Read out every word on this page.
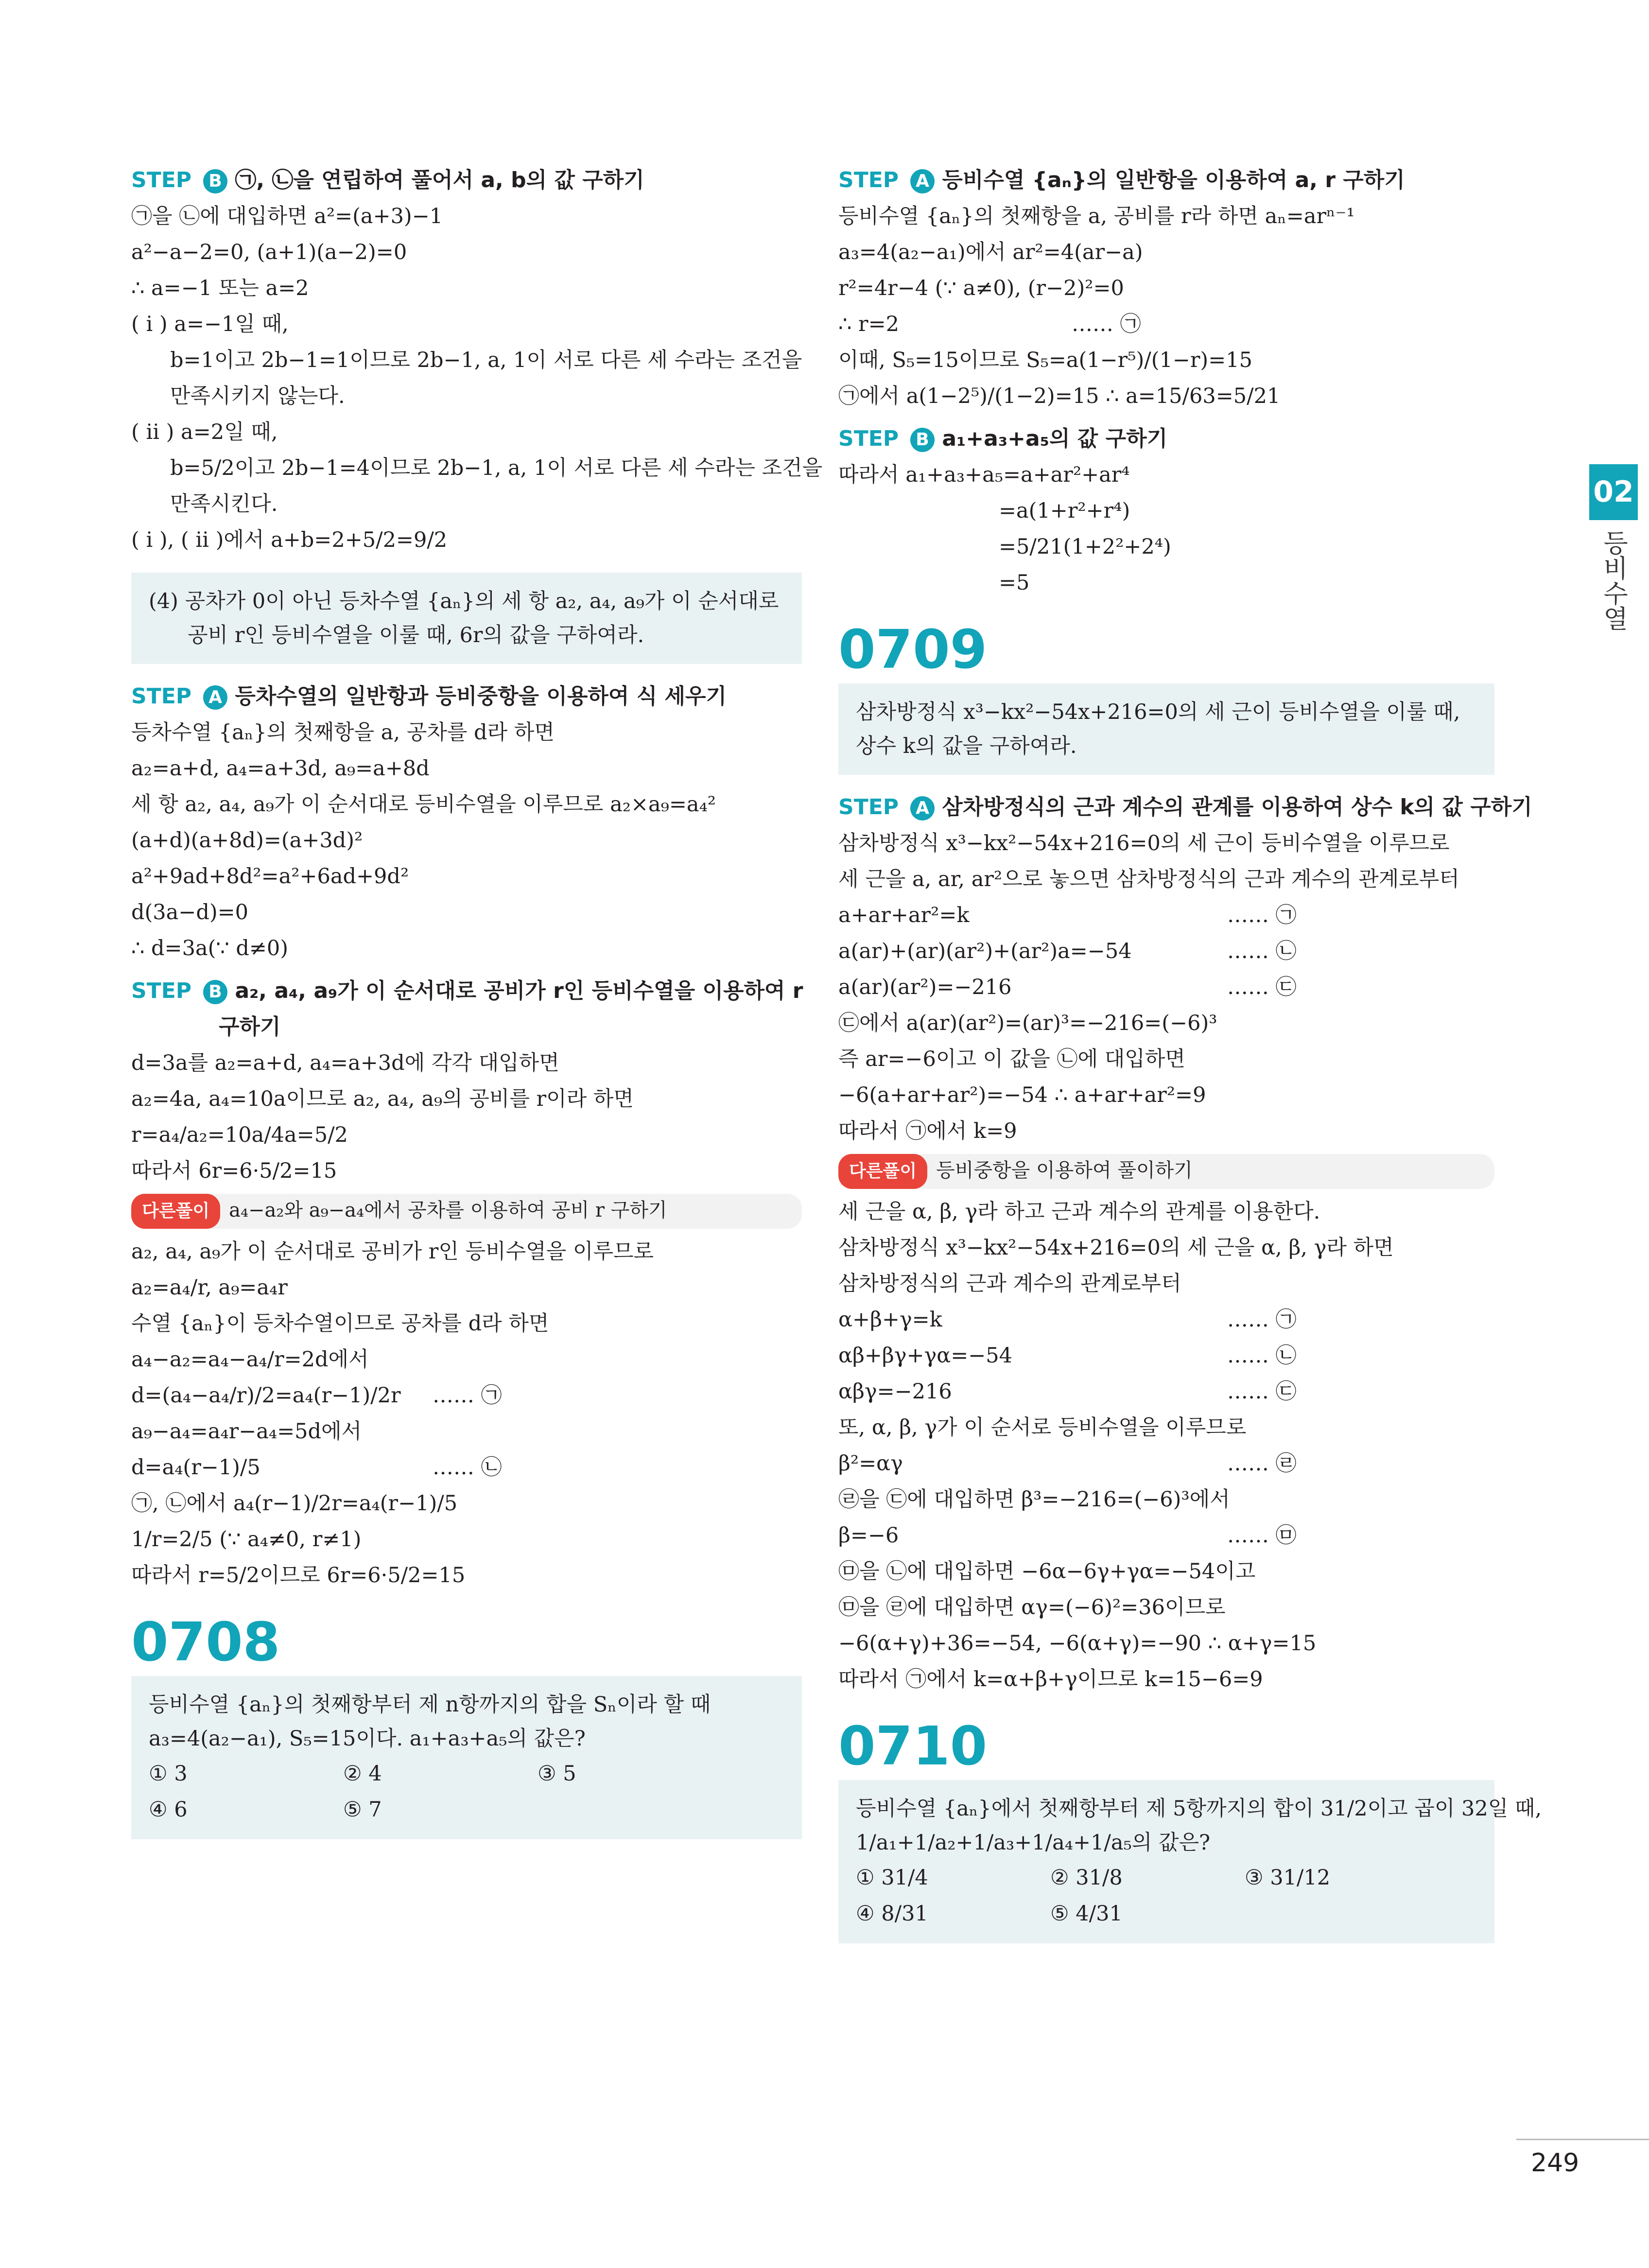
STEP B ㉠, ㉡을 연립하여 풀어서 a, b의 값 구하기
㉠을 ㉡에 대입하면 a²=(a+3)−1
a²−a−2=0, (a+1)(a−2)=0
∴ a=−1 또는 a=2
( i ) a=−1일 때,
b=1이고 2b−1=1이므로 2b−1, a, 1이 서로 다른 세 수라는 조건을
만족시키지 않는다.
( ii ) a=2일 때,
b=5/2이고 2b−1=4이므로 2b−1, a, 1이 서로 다른 세 수라는 조건을
만족시킨다.
( i ), ( ii )에서 a+b=2+5/2=9/2
(4) 공차가 0이 아닌 등차수열 {aₙ}의 세 항 a₂, a₄, a₉가 이 순서대로
공비 r인 등비수열을 이룰 때, 6r의 값을 구하여라.
STEP A 등차수열의 일반항과 등비중항을 이용하여 식 세우기
등차수열 {aₙ}의 첫째항을 a, 공차를 d라 하면
a₂=a+d, a₄=a+3d, a₉=a+8d
세 항 a₂, a₄, a₉가 이 순서대로 등비수열을 이루므로 a₂×a₉=a₄²
(a+d)(a+8d)=(a+3d)²
a²+9ad+8d²=a²+6ad+9d²
d(3a−d)=0
∴ d=3a(∵ d≠0)
STEP B a₂, a₄, a₉가 이 순서대로 공비가 r인 등비수열을 이용하여 r
구하기
d=3a를 a₂=a+d, a₄=a+3d에 각각 대입하면
a₂=4a, a₄=10a이므로 a₂, a₄, a₉의 공비를 r이라 하면
r=a₄/a₂=10a/4a=5/2
따라서 6r=6·5/2=15
다른풀이 a₄−a₂와 a₉−a₄에서 공차를 이용하여 공비 r 구하기
a₂, a₄, a₉가 이 순서대로 공비가 r인 등비수열을 이루므로
a₂=a₄/r, a₉=a₄r
수열 {aₙ}이 등차수열이므로 공차를 d라 하면
a₄−a₂=a₄−a₄/r=2d에서
d=(a₄−a₄/r)/2=a₄(r−1)/2r …… ㉠
a₉−a₄=a₄r−a₄=5d에서
d=a₄(r−1)/5	…… ㉡
㉠, ㉡에서 a₄(r−1)/2r=a₄(r−1)/5
1/r=2/5 (∵ a₄≠0, r≠1)
따라서 r=5/2이므로 6r=6·5/2=15
0708
등비수열 {aₙ}의 첫째항부터 제 n항까지의 합을 Sₙ이라 할 때
a₃=4(a₂−a₁), S₅=15이다. a₁+a₃+a₅의 값은?
① 3	② 4	③ 5
④ 6	⑤ 7
STEP A 등비수열 {aₙ}의 일반항을 이용하여 a, r 구하기
등비수열 {aₙ}의 첫째항을 a, 공비를 r라 하면 aₙ=arⁿ⁻¹
a₃=4(a₂−a₁)에서 ar²=4(ar−a)
r²=4r−4 (∵ a≠0), (r−2)²=0
∴ r=2	…… ㉠
이때, S₅=15이므로 S₅=a(1−r⁵)/(1−r)=15
㉠에서 a(1−2⁵)/(1−2)=15 ∴ a=15/63=5/21
STEP B a₁+a₃+a₅의 값 구하기
따라서 a₁+a₃+a₅=a+ar²+ar⁴
=a(1+r²+r⁴)
=5/21(1+2²+2⁴)
=5
0709
삼차방정식 x³−kx²−54x+216=0의 세 근이 등비수열을 이룰 때,
상수 k의 값을 구하여라.
STEP A 삼차방정식의 근과 계수의 관계를 이용하여 상수 k의 값 구하기
삼차방정식 x³−kx²−54x+216=0의 세 근이 등비수열을 이루므로
세 근을 a, ar, ar²으로 놓으면 삼차방정식의 근과 계수의 관계로부터
a+ar+ar²=k	…… ㉠
a(ar)+(ar)(ar²)+(ar²)a=−54	…… ㉡
a(ar)(ar²)=−216	…… ㉢
㉢에서 a(ar)(ar²)=(ar)³=−216=(−6)³
즉 ar=−6이고 이 값을 ㉡에 대입하면
−6(a+ar+ar²)=−54 ∴ a+ar+ar²=9
따라서 ㉠에서 k=9
다른풀이 등비중항을 이용하여 풀이하기
세 근을 α, β, γ라 하고 근과 계수의 관계를 이용한다.
삼차방정식 x³−kx²−54x+216=0의 세 근을 α, β, γ라 하면
삼차방정식의 근과 계수의 관계로부터
α+β+γ=k	…… ㉠
αβ+βγ+γα=−54	…… ㉡
αβγ=−216	…… ㉢
또, α, β, γ가 이 순서로 등비수열을 이루므로
β²=αγ	…… ㉣
㉣을 ㉢에 대입하면 β³=−216=(−6)³에서
β=−6	…… ㉤
㉤을 ㉡에 대입하면 −6α−6γ+γα=−54이고
㉤을 ㉣에 대입하면 αγ=(−6)²=36이므로
−6(α+γ)+36=−54, −6(α+γ)=−90 ∴ α+γ=15
따라서 ㉠에서 k=α+β+γ이므로 k=15−6=9
0710
등비수열 {aₙ}에서 첫째항부터 제 5항까지의 합이 31/2이고 곱이 32일 때,
1/a₁+1/a₂+1/a₃+1/a₄+1/a₅의 값은?
① 31/4	② 31/8	③ 31/12
④ 8/31	⑤ 4/31
02
등비수열
249
